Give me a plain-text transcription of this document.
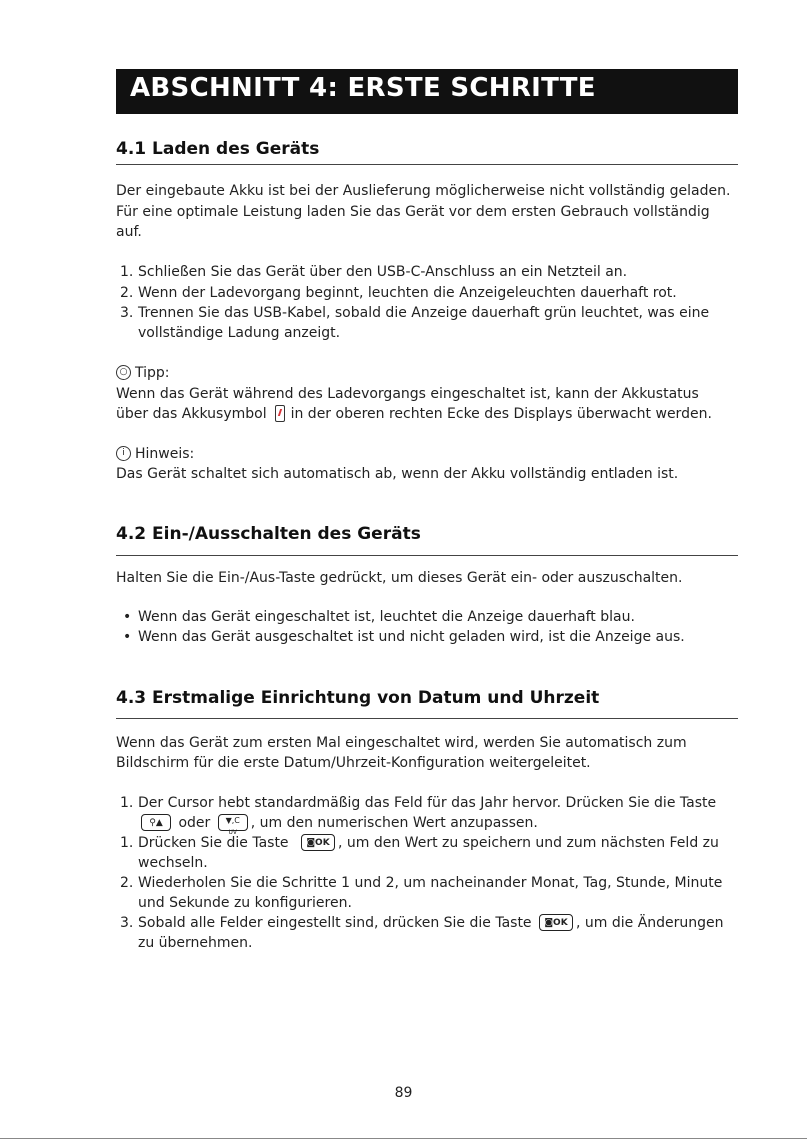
ABSCHNITT 4: ERSTE SCHRITTE
4.1 Laden des Geräts
Der eingebaute Akku ist bei der Auslieferung möglicherweise nicht vollständig geladen.
Für eine optimale Leistung laden Sie das Gerät vor dem ersten Gebrauch vollständig
auf.
1. Schließen Sie das Gerät über den USB-C-Anschluss an ein Netzteil an.
2. Wenn der Ladevorgang beginnt, leuchten die Anzeigeleuchten dauerhaft rot.
3. Trennen Sie das USB-Kabel, sobald die Anzeige dauerhaft grün leuchtet, was eine
vollständige Ladung anzeigt.
○ Tipp:
Wenn das Gerät während des Ladevorgangs eingeschaltet ist, kann der Akkustatus
über das Akkusymbol in der oberen rechten Ecke des Displays überwacht werden.
i Hinweis:
Das Gerät schaltet sich automatisch ab, wenn der Akku vollständig entladen ist.
4.2 Ein-/Ausschalten des Geräts
Halten Sie die Ein-/Aus-Taste gedrückt, um dieses Gerät ein- oder auszuschalten.
• Wenn das Gerät eingeschaltet ist, leuchtet die Anzeige dauerhaft blau.
• Wenn das Gerät ausgeschaltet ist und nicht geladen wird, ist die Anzeige aus.
4.3 Erstmalige Einrichtung von Datum und Uhrzeit
Wenn das Gerät zum ersten Mal eingeschaltet wird, werden Sie automatisch zum
Bildschirm für die erste Datum/Uhrzeit-Konfiguration weitergeleitet.
1. Der Cursor hebt standardmäßig das Feld für das Jahr hervor. Drücken Sie die Taste
⚲▲ oder ▼,C
UV, um den numerischen Wert anzupassen.
1. Drücken Sie die Taste ◙OK , um den Wert zu speichern und zum nächsten Feld zu
wechseln.
2. Wiederholen Sie die Schritte 1 und 2, um nacheinander Monat, Tag, Stunde, Minute
und Sekunde zu konfigurieren.
3. Sobald alle Felder eingestellt sind, drücken Sie die Taste ◙OK , um die Änderungen
zu übernehmen.
89
